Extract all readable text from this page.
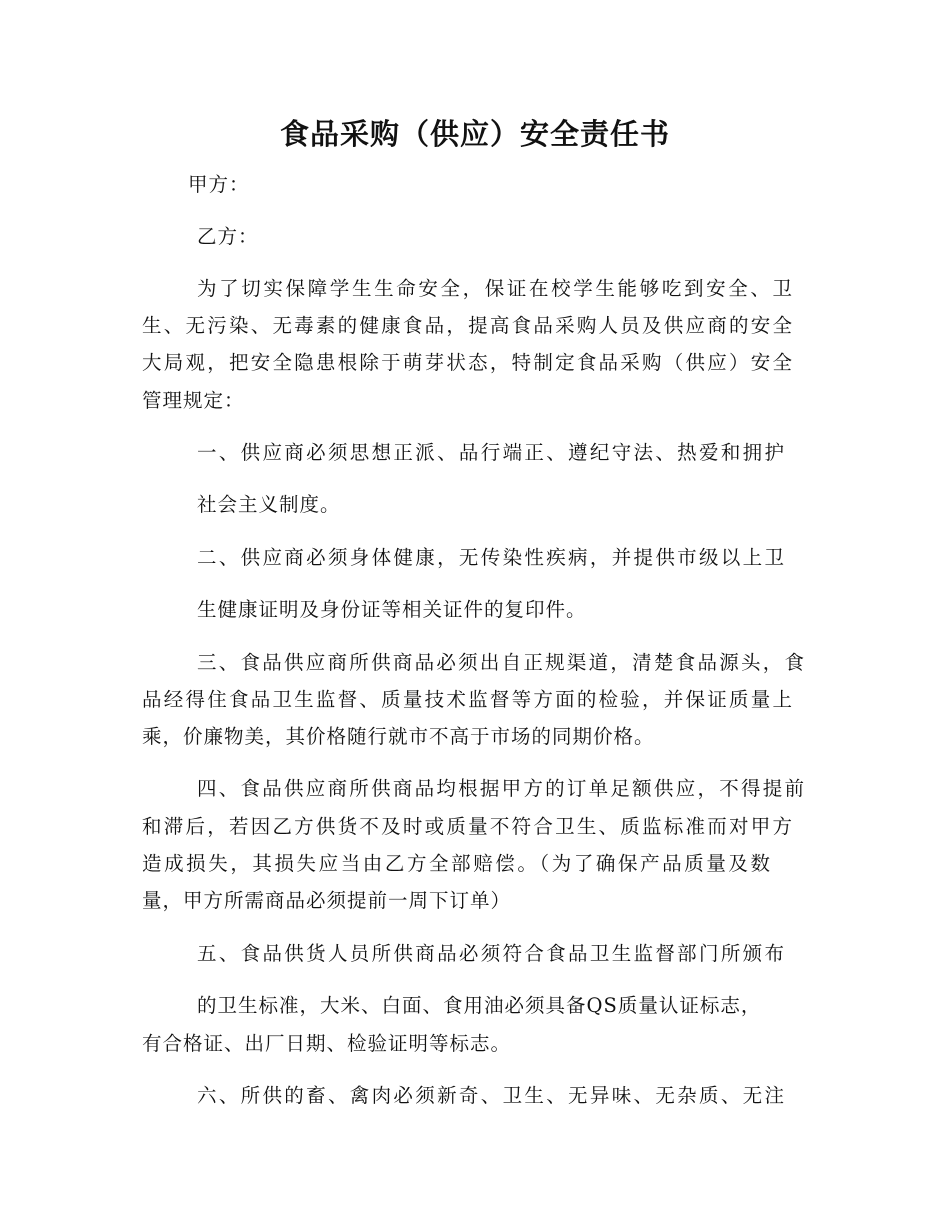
食品采购（供应）安全责任书
甲方：
乙方：
为了切实保障学生生命安全，保证在校学生能够吃到安全、卫
生、无污染、无毒素的健康食品，提高食品采购人员及供应商的安全
大局观，把安全隐患根除于萌芽状态，特制定食品采购（供应）安全
管理规定：
一、供应商必须思想正派、品行端正、遵纪守法、热爱和拥护
社会主义制度。
二、供应商必须身体健康，无传染性疾病，并提供市级以上卫
生健康证明及身份证等相关证件的复印件。
三、食品供应商所供商品必须出自正规渠道，清楚食品源头，食
品经得住食品卫生监督、质量技术监督等方面的检验，并保证质量上
乘，价廉物美，其价格随行就市不高于市场的同期价格。
四、食品供应商所供商品均根据甲方的订单足额供应，不得提前
和滞后，若因乙方供货不及时或质量不符合卫生、质监标准而对甲方
造成损失，其损失应当由乙方全部赔偿。（为了确保产品质量及数
量，甲方所需商品必须提前一周下订单）
五、食品供货人员所供商品必须符合食品卫生监督部门所颁布
的卫生标准，大米、白面、食用油必须具备QS质量认证标志，
有合格证、出厂日期、检验证明等标志。
六、所供的畜、禽肉必须新奇、卫生、无异味、无杂质、无注
